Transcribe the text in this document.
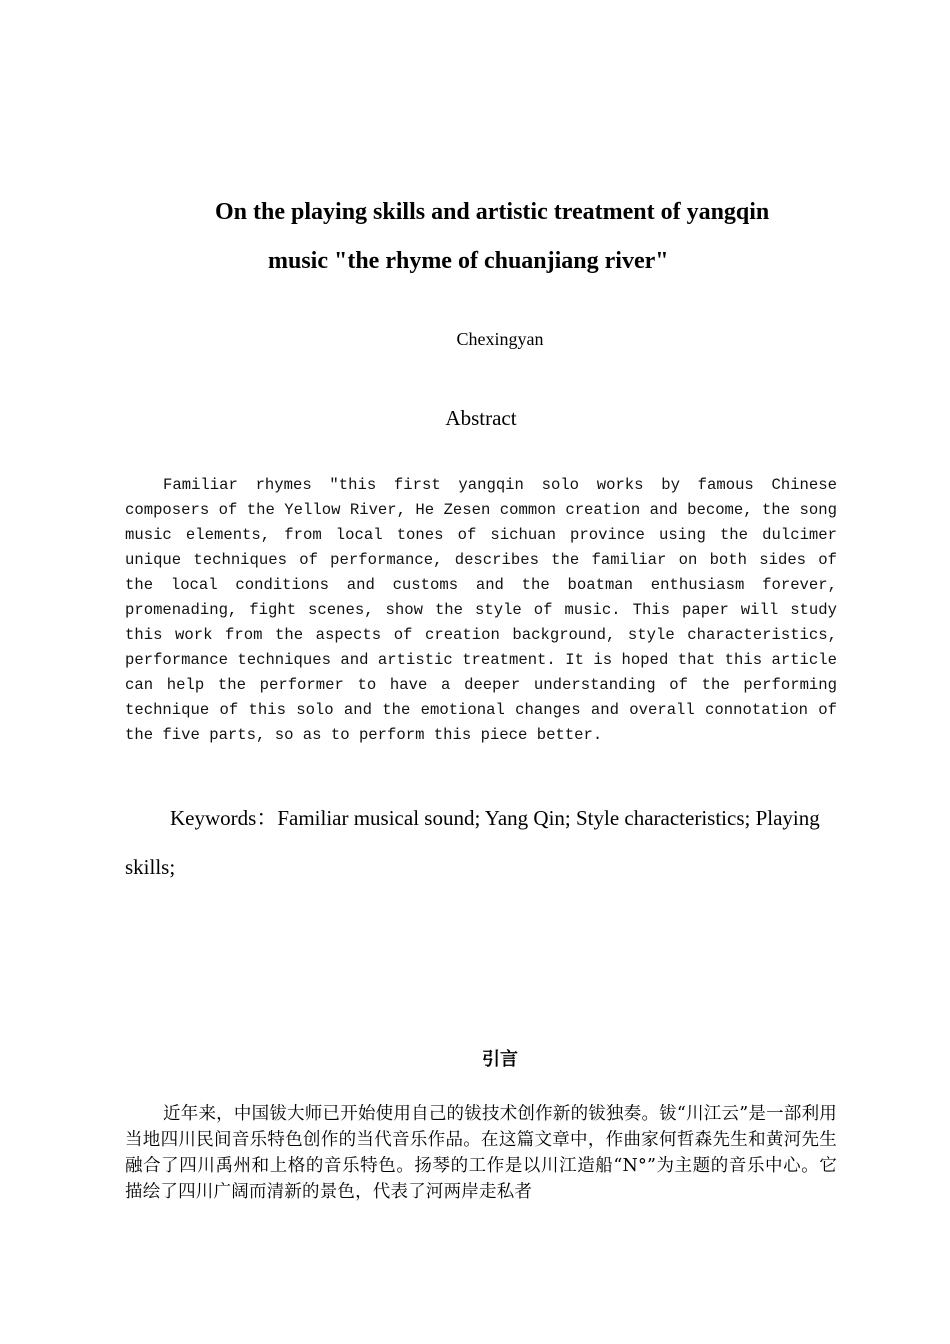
On the playing skills and artistic treatment of yangqin
music "the rhyme of chuanjiang river"
Chexingyan
Abstract
Familiar rhymes "this first yangqin solo works by famous Chinese composers of the Yellow River, He Zesen common creation and become, the song music elements, from local tones of sichuan province using the dulcimer unique techniques of performance, describes the familiar on both sides of the local conditions and customs and the boatman enthusiasm forever, promenading, fight scenes, show the style of music. This paper will study this work from the aspects of creation background, style characteristics, performance techniques and artistic treatment. It is hoped that this article can help the performer to have a deeper understanding of the performing technique of this solo and the emotional changes and overall connotation of the five parts, so as to perform this piece better.
Keywords：Familiar musical sound; Yang Qin; Style characteristics; Playing skills;
引言
近年来，中国钹大师已开始使用自己的钹技术创作新的钹独奏。钹“川江云”是一部利用当地四川民间音乐特色创作的当代音乐作品。在这篇文章中，作曲家何哲森先生和黄河先生融合了四川禹州和上格的音乐特色。扬琴的工作是以川江造船“N°”为主题的音乐中心。它描绘了四川广阔而清新的景色，代表了河两岸走私者
